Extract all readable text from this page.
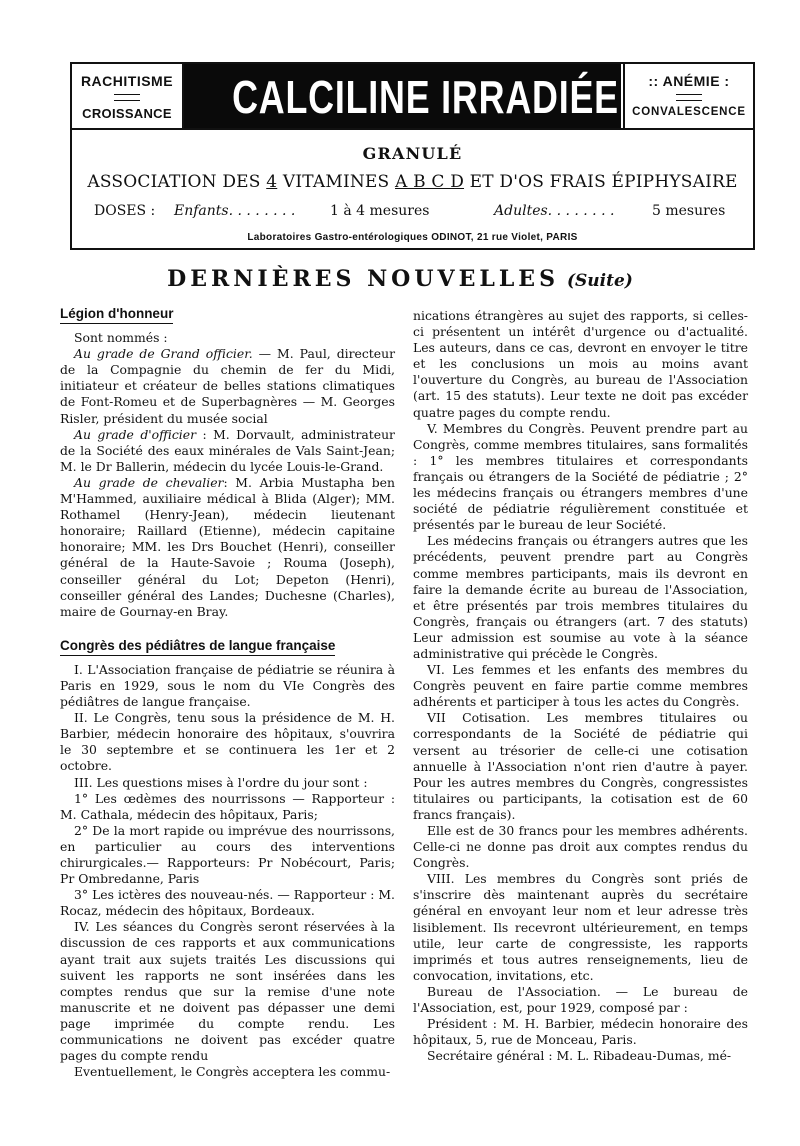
RACHITISME
CROISSANCE CALCILINE IRRADIÉE	:: ANÉMIE :
CONVALESCENCE
GRANULÉ
ASSOCIATION DES 4 VITAMINES A B C D ET D'OS FRAIS ÉPIPHYSAIRE
DOSES : Enfants. . . . . . . . 1 à 4 mesures	Adultes. . . . . . . .	5 mesures
Laboratoires Gastro-entérologiques ODINOT, 21 rue Violet, PARIS
DERNIÈRES NOUVELLES (Suite)
Légion d'honneur

Sont nommés :

Au grade de Grand officier. — M. Paul, directeur de la Compagnie du chemin de fer du Midi, initiateur et créateur de belles stations climatiques de Font-Romeu et de Superbagnères — M. Georges Risler, président du musée social

Au grade d'officier : M. Dorvault, administrateur de la Société des eaux minérales de Vals Saint-Jean; M. le Dr Ballerin, médecin du lycée Louis-le-Grand.

Au grade de chevalier: M. Arbia Mustapha ben M'Hammed, auxiliaire médical à Blida (Alger); MM. Rothamel (Henry-Jean), médecin lieutenant honoraire; Raillard (Etienne), médecin capitaine honoraire; MM. les Drs Bouchet (Henri), conseiller général de la Haute-Savoie ; Rouma (Joseph), conseiller général du Lot; Depeton (Henri), conseiller général des Landes; Duchesne (Charles), maire de Gournay-en Bray.

Congrès des pédiâtres de langue française

I. L'Association française de pédiatrie se réunira à Paris en 1929, sous le nom du VIe Congrès des pédiâtres de langue française.

II. Le Congrès, tenu sous la présidence de M. H. Barbier, médecin honoraire des hôpitaux, s'ouvrira le 30 septembre et se continuera les 1er et 2 octobre.

III. Les questions mises à l'ordre du jour sont :

1° Les œdèmes des nourrissons — Rapporteur : M. Cathala, médecin des hôpitaux, Paris;

2° De la mort rapide ou imprévue des nourrissons, en particulier au cours des interventions chirurgicales.— Rapporteurs: Pr Nobécourt, Paris; Pr Ombredanne, Paris

3° Les ictères des nouveau-nés. — Rapporteur : M. Rocaz, médecin des hôpitaux, Bordeaux.

IV. Les séances du Congrès seront réservées à la discussion de ces rapports et aux communications ayant trait aux sujets traités Les discussions qui suivent les rapports ne sont insérées dans les comptes rendus que sur la remise d'une note manuscrite et ne doivent pas dépasser une demi page imprimée du compte rendu. Les communications ne doivent pas excéder quatre pages du compte rendu

Eventuellement, le Congrès acceptera les commu-

nications étrangères au sujet des rapports, si celles-ci présentent un intérêt d'urgence ou d'actualité. Les auteurs, dans ce cas, devront en envoyer le titre et les conclusions un mois au moins avant l'ouverture du Congrès, au bureau de l'Association (art. 15 des statuts). Leur texte ne doit pas excéder quatre pages du compte rendu.

V. Membres du Congrès. Peuvent prendre part au Congrès, comme membres titulaires, sans formalités : 1° les membres titulaires et correspondants français ou étrangers de la Société de pédiatrie ; 2° les médecins français ou étrangers membres d'une société de pédiatrie régulièrement constituée et présentés par le bureau de leur Société.

Les médecins français ou étrangers autres que les précédents, peuvent prendre part au Congrès comme membres participants, mais ils devront en faire la demande écrite au bureau de l'Association, et être présentés par trois membres titulaires du Congrès, français ou étrangers (art. 7 des statuts) Leur admission est soumise au vote à la séance administrative qui précède le Congrès.

VI. Les femmes et les enfants des membres du Congrès peuvent en faire partie comme membres adhérents et participer à tous les actes du Congrès.

VII Cotisation. Les membres titulaires ou correspondants de la Société de pédiatrie qui versent au trésorier de celle-ci une cotisation annuelle à l'Association n'ont rien d'autre à payer. Pour les autres membres du Congrès, congressistes titulaires ou participants, la cotisation est de 60 francs français).

Elle est de 30 francs pour les membres adhérents. Celle-ci ne donne pas droit aux comptes rendus du Congrès.

VIII. Les membres du Congrès sont priés de s'inscrire dès maintenant auprès du secrétaire général en envoyant leur nom et leur adresse très lisiblement. Ils recevront ultérieurement, en temps utile, leur carte de congressiste, les rapports imprimés et tous autres renseignements, lieu de convocation, invitations, etc.

Bureau de l'Association. — Le bureau de l'Association, est, pour 1929, composé par :

Président : M. H. Barbier, médecin honoraire des hôpitaux, 5, rue de Monceau, Paris.

Secrétaire général : M. L. Ribadeau-Dumas, mé-
